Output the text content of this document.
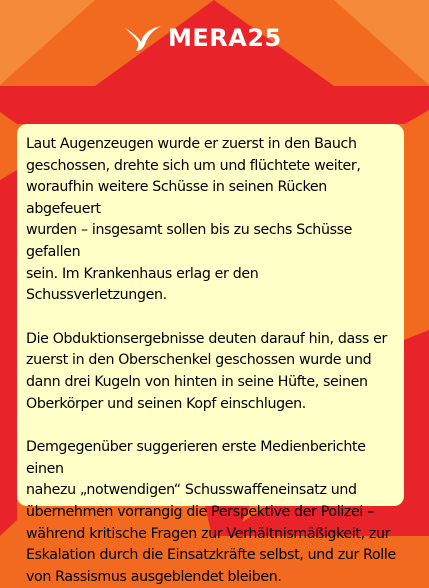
MERA25

Laut Augenzeugen wurde er zuerst in den Bauch
geschossen, drehte sich um und flüchtete weiter,
woraufhin weitere Schüsse in seinen Rücken abgefeuert
wurden – insgesamt sollen bis zu sechs Schüsse gefallen
sein. Im Krankenhaus erlag er den Schussverletzungen.

Die Obduktionsergebnisse deuten darauf hin, dass er
zuerst in den Oberschenkel geschossen wurde und
dann drei Kugeln von hinten in seine Hüfte, seinen
Oberkörper und seinen Kopf einschlugen.

Demgegenüber suggerieren erste Medienberichte einen
nahezu „notwendigen“ Schusswaffeneinsatz und
übernehmen vorrangig die Perspektive der Polizei –
während kritische Fragen zur Verhältnismäßigkeit, zur
Eskalation durch die Einsatzkräfte selbst, und zur Rolle
von Rassismus ausgeblendet bleiben.
